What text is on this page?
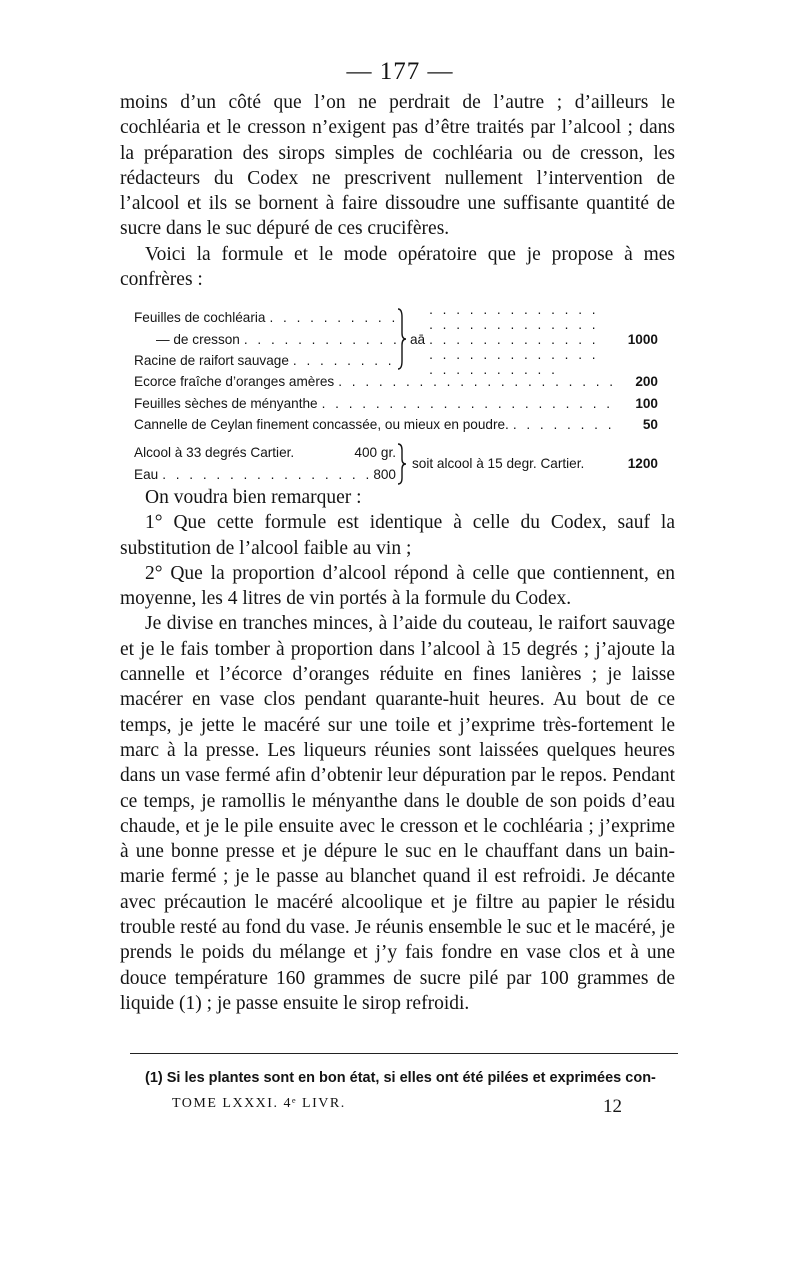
— 177 —

moins d’un côté que l’on ne perdrait de l’autre ; d’ailleurs le cochléaria et le cresson n’exigent pas d’être traités par l’alcool ; dans la préparation des sirops simples de cochléaria ou de cresson, les rédacteurs du Codex ne prescrivent nullement l’intervention de l’alcool et ils se bornent à faire dissoudre une suffisante quantité de sucre dans le suc dépuré de ces crucifères.

Voici la formule et le mode opératoire que je propose à mes confrères :

Feuilles de cochléaria
. . .
— de cresson
. . .
Racine de raifort sauvage
. . .
aā . . .	1000
Ecorce fraîche d’oranges amères . . .	200
Feuilles sèches de ményanthe . . .	100
Cannelle de Ceylan finement concassée, ou mieux en poudre. . . .	50
Alcool à 33 degrés Cartier.	400 gr.
Eau . . .	800
soit alcool à 15 degr. Cartier.	1200

On voudra bien remarquer :

1° Que cette formule est identique à celle du Codex, sauf la substitution de l’alcool faible au vin ;

2° Que la proportion d’alcool répond à celle que contiennent, en moyenne, les 4 litres de vin portés à la formule du Codex.

Je divise en tranches minces, à l’aide du couteau, le raifort sauvage et je le fais tomber à proportion dans l’alcool à 15 degrés ; j’ajoute la cannelle et l’écorce d’oranges réduite en fines lanières ; je laisse macérer en vase clos pendant quarante-huit heures. Au bout de ce temps, je jette le macéré sur une toile et j’exprime très-fortement le marc à la presse. Les liqueurs réunies sont laissées quelques heures dans un vase fermé afin d’obtenir leur dépuration par le repos. Pendant ce temps, je ramollis le ményanthe dans le double de son poids d’eau chaude, et je le pile ensuite avec le cresson et le cochléaria ; j’exprime à une bonne presse et je dépure le suc en le chauffant dans un bain-marie fermé ; je le passe au blanchet quand il est refroidi. Je décante avec précaution le macéré alcoolique et je filtre au papier le résidu trouble resté au fond du vase. Je réunis ensemble le suc et le macéré, je prends le poids du mélange et j’y fais fondre en vase clos et à une douce température 160 grammes de sucre pilé par 100 grammes de liquide (1) ; je passe ensuite le sirop refroidi.

(1) Si les plantes sont en bon état, si elles ont été pilées et exprimées con-
TOME LXXXI. 4ᵉ LIVR.	12
